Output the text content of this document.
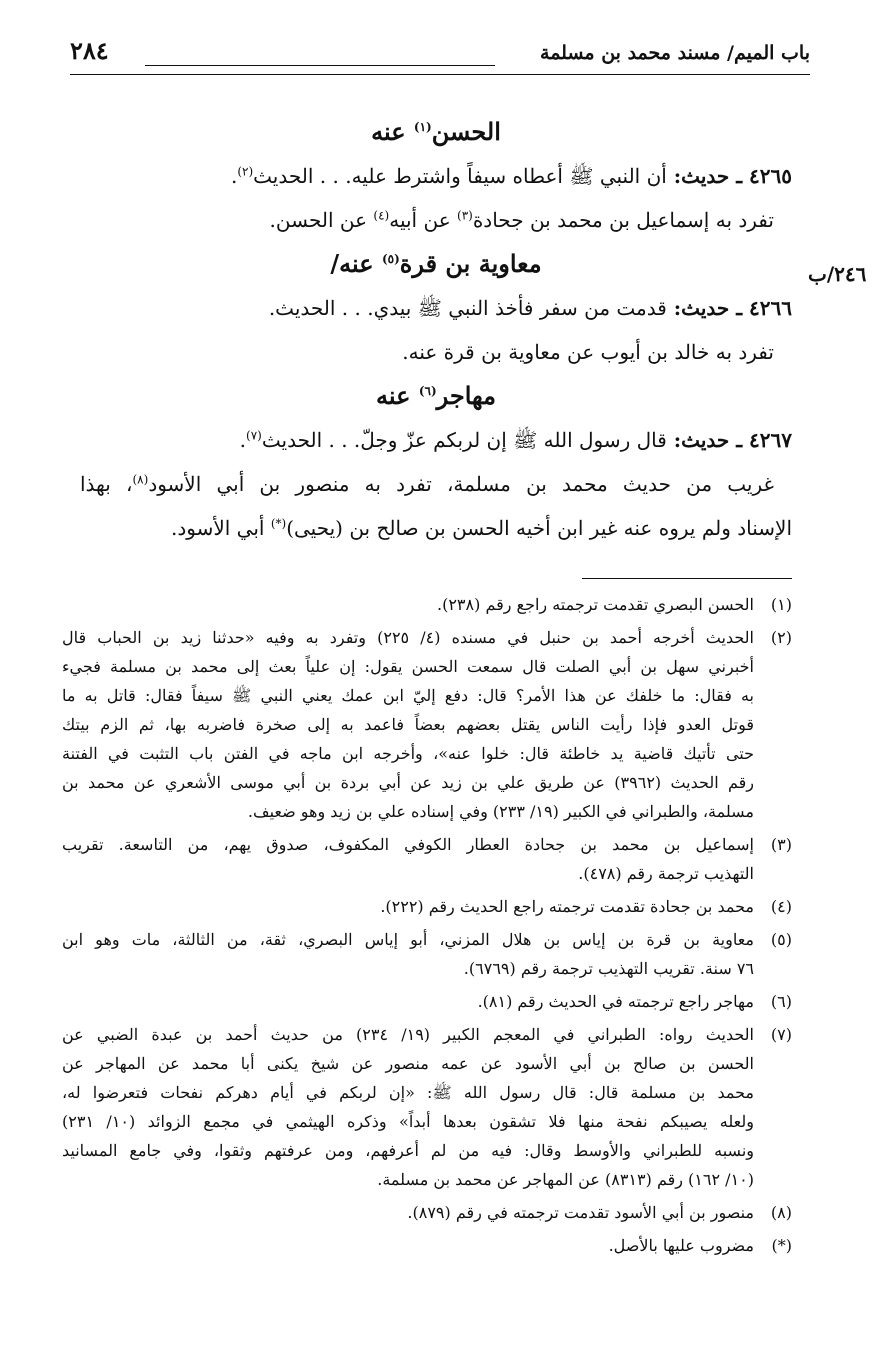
باب الميم/ مسند محمد بن مسلمة
٢٨٤
٢٤٦/ب
الحسن$^{(١)}$ عنه
٤٢٦٥ ـ حديث: أن النبي ﷺ أعطاه سيفاً واشترط عليه. . . الحديث$^{(٢)}$.
تفرد به إسماعيل بن محمد بن جحادة$^{(٣)}$ عن أبيه$^{(٤)}$ عن الحسن.
معاوية بن قرة$^{(٥)}$ عنه/
٤٢٦٦ ـ حديث: قدمت من سفر فأخذ النبي ﷺ بيدي. . . الحديث.
تفرد به خالد بن أيوب عن معاوية بن قرة عنه.
مهاجر$^{(٦)}$ عنه
٤٢٦٧ ـ حديث: قال رسول الله ﷺ إن لربكم عزّ وجلّ. . . الحديث$^{(٧)}$.
غريب من حديث محمد بن مسلمة، تفرد به منصور بن أبي الأسود$^{(٨)}$، بهذا
الإسناد ولم يروه عنه غير ابن أخيه الحسن بن صالح بن (يحيى)(*) أبي الأسود.
(١)
الحسن البصري تقدمت ترجمته راجع رقم (٢٣٨).
(٢)
الحديث أخرجه أحمد بن حنبل في مسنده (٤/ ٢٢٥) وتفرد به وفيه «حدثنا زيد بن الحباب قال
أخبرني سهل بن أبي الصلت قال سمعت الحسن يقول: إن علياً بعث إلى محمد بن مسلمة فجيء
به فقال: ما خلفك عن هذا الأمر؟ قال: دفع إليّ ابن عمك يعني النبي ﷺ سيفاً فقال: قاتل به ما
قوتل العدو فإذا رأيت الناس يقتل بعضهم بعضاً فاعمد به إلى صخرة فاضربه بها، ثم الزم بيتك
حتى تأتيك قاضية يد خاطئة قال: خلوا عنه»، وأخرجه ابن ماجه في الفتن باب التثبت في الفتنة
رقم الحديث (٣٩٦٢) عن طريق علي بن زيد عن أبي بردة بن أبي موسى الأشعري عن محمد بن
مسلمة، والطبراني في الكبير (١٩/ ٢٣٣) وفي إسناده علي بن زيد وهو ضعيف.
(٣)
إسماعيل بن محمد بن جحادة العطار الكوفي المكفوف، صدوق يهم، من التاسعة. تقريب
التهذيب ترجمة رقم (٤٧٨).
(٤)
محمد بن جحادة تقدمت ترجمته راجع الحديث رقم (٢٢٢).
(٥)
معاوية بن قرة بن إياس بن هلال المزني، أبو إياس البصري، ثقة، من الثالثة، مات وهو ابن
٧٦ سنة. تقريب التهذيب ترجمة رقم (٦٧٦٩).
(٦)
مهاجر راجع ترجمته في الحديث رقم (٨١).
(٧)
الحديث رواه: الطبراني في المعجم الكبير (١٩/ ٢٣٤) من حديث أحمد بن عبدة الضبي عن
الحسن بن صالح بن أبي الأسود عن عمه منصور عن شيخ يكنى أبا محمد عن المهاجر عن
محمد بن مسلمة قال: قال رسول الله ﷺ: «إن لربكم في أيام دهركم نفحات فتعرضوا له،
ولعله يصيبكم نفحة منها فلا تشقون بعدها أبداً» وذكره الهيثمي في مجمع الزوائد (١٠/ ٢٣١)
ونسبه للطبراني والأوسط وقال: فيه من لم أعرفهم، ومن عرفتهم وثقوا، وفي جامع المسانيد
(١٠/ ١٦٢) رقم (٨٣١٣) عن المهاجر عن محمد بن مسلمة.
(٨)
منصور بن أبي الأسود تقدمت ترجمته في رقم (٨٧٩).
(*)
مضروب عليها بالأصل.
